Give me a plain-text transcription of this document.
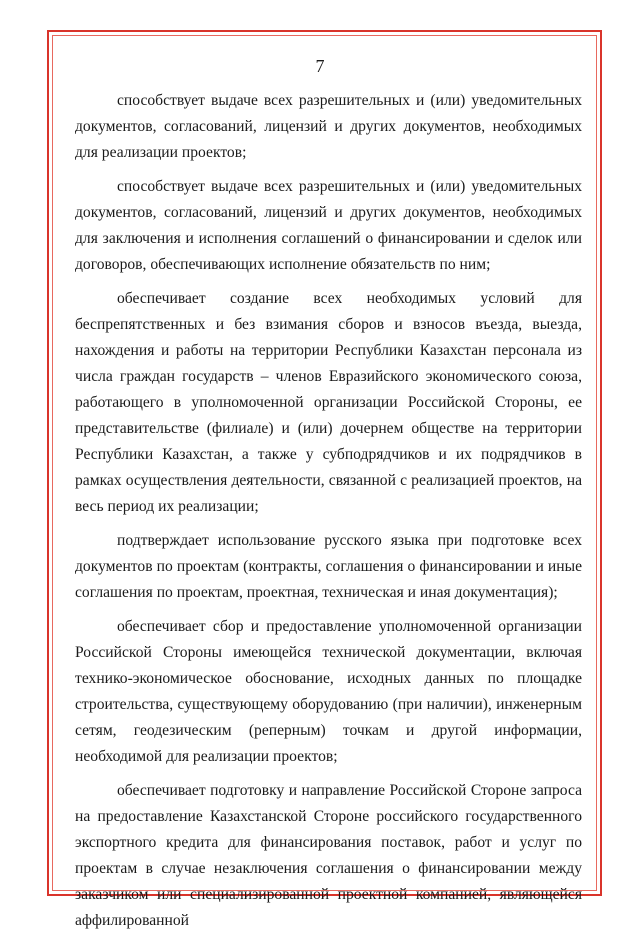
7

способствует выдаче всех разрешительных и (или) уведомительных документов, согласований, лицензий и других документов, необходимых для реализации проектов;

способствует выдаче всех разрешительных и (или) уведомительных документов, согласований, лицензий и других документов, необходимых для заключения и исполнения соглашений о финансировании и сделок или договоров, обеспечивающих исполнение обязательств по ним;

обеспечивает создание всех необходимых условий для беспрепятственных и без взимания сборов и взносов въезда, выезда, нахождения и работы на территории Республики Казахстан персонала из числа граждан государств – членов Евразийского экономического союза, работающего в уполномоченной организации Российской Стороны, ее представительстве (филиале) и (или) дочернем обществе на территории Республики Казахстан, а также у субподрядчиков и их подрядчиков в рамках осуществления деятельности, связанной с реализацией проектов, на весь период их реализации;

подтверждает использование русского языка при подготовке всех документов по проектам (контракты, соглашения о финансировании и иные соглашения по проектам, проектная, техническая и иная документация);

обеспечивает сбор и предоставление уполномоченной организации Российской Стороны имеющейся технической документации, включая технико-экономическое обоснование, исходных данных по площадке строительства, существующему оборудованию (при наличии), инженерным сетям, геодезическим (реперным) точкам и другой информации, необходимой для реализации проектов;

обеспечивает подготовку и направление Российской Стороне запроса на предоставление Казахстанской Стороне российского государственного экспортного кредита для финансирования поставок, работ и услуг по проектам в случае незаключения соглашения о финансировании между заказчиком или специализированной проектной компанией, являющейся аффилированной
